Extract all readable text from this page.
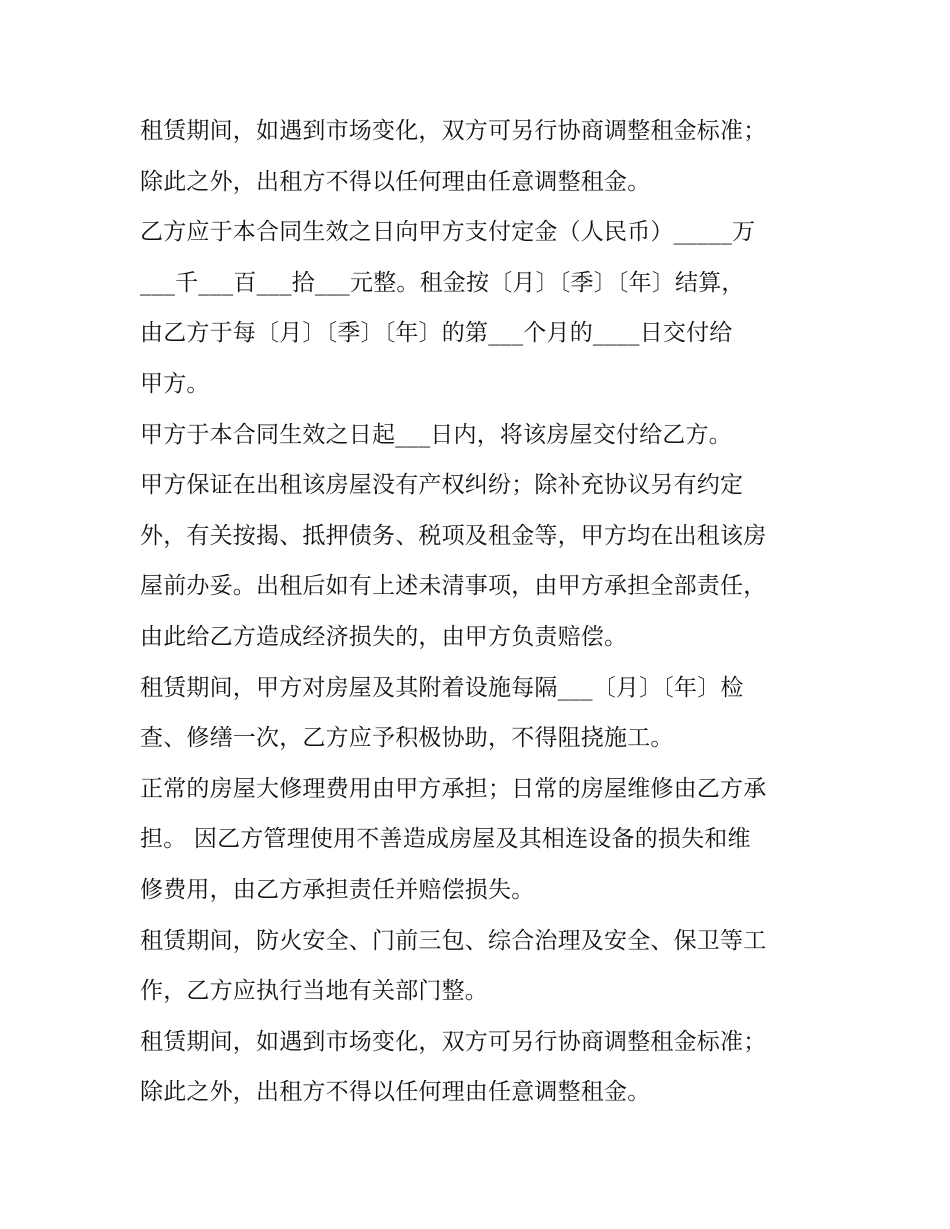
租赁期间，如遇到市场变化，双方可另行协商调整租金标准；
除此之外，出租方不得以任何理由任意调整租金。
乙方应于本合同生效之日向甲方支付定金（人民币）_____万
___千___百___拾___元整。租金按〔月〕〔季〕〔年〕结算，
由乙方于每〔月〕〔季〕〔年〕的第___个月的____日交付给
甲方。
甲方于本合同生效之日起___日内，将该房屋交付给乙方。
甲方保证在出租该房屋没有产权纠纷；除补充协议另有约定
外，有关按揭、抵押债务、税项及租金等，甲方均在出租该房
屋前办妥。出租后如有上述未清事项，由甲方承担全部责任，
由此给乙方造成经济损失的，由甲方负责赔偿。
租赁期间，甲方对房屋及其附着设施每隔___〔月〕〔年〕检
查、修缮一次，乙方应予积极协助，不得阻挠施工。
正常的房屋大修理费用由甲方承担；日常的房屋维修由乙方承
担。 因乙方管理使用不善造成房屋及其相连设备的损失和维
修费用，由乙方承担责任并赔偿损失。
租赁期间，防火安全、门前三包、综合治理及安全、保卫等工
作，乙方应执行当地有关部门整。
租赁期间，如遇到市场变化，双方可另行协商调整租金标准；
除此之外，出租方不得以任何理由任意调整租金。
